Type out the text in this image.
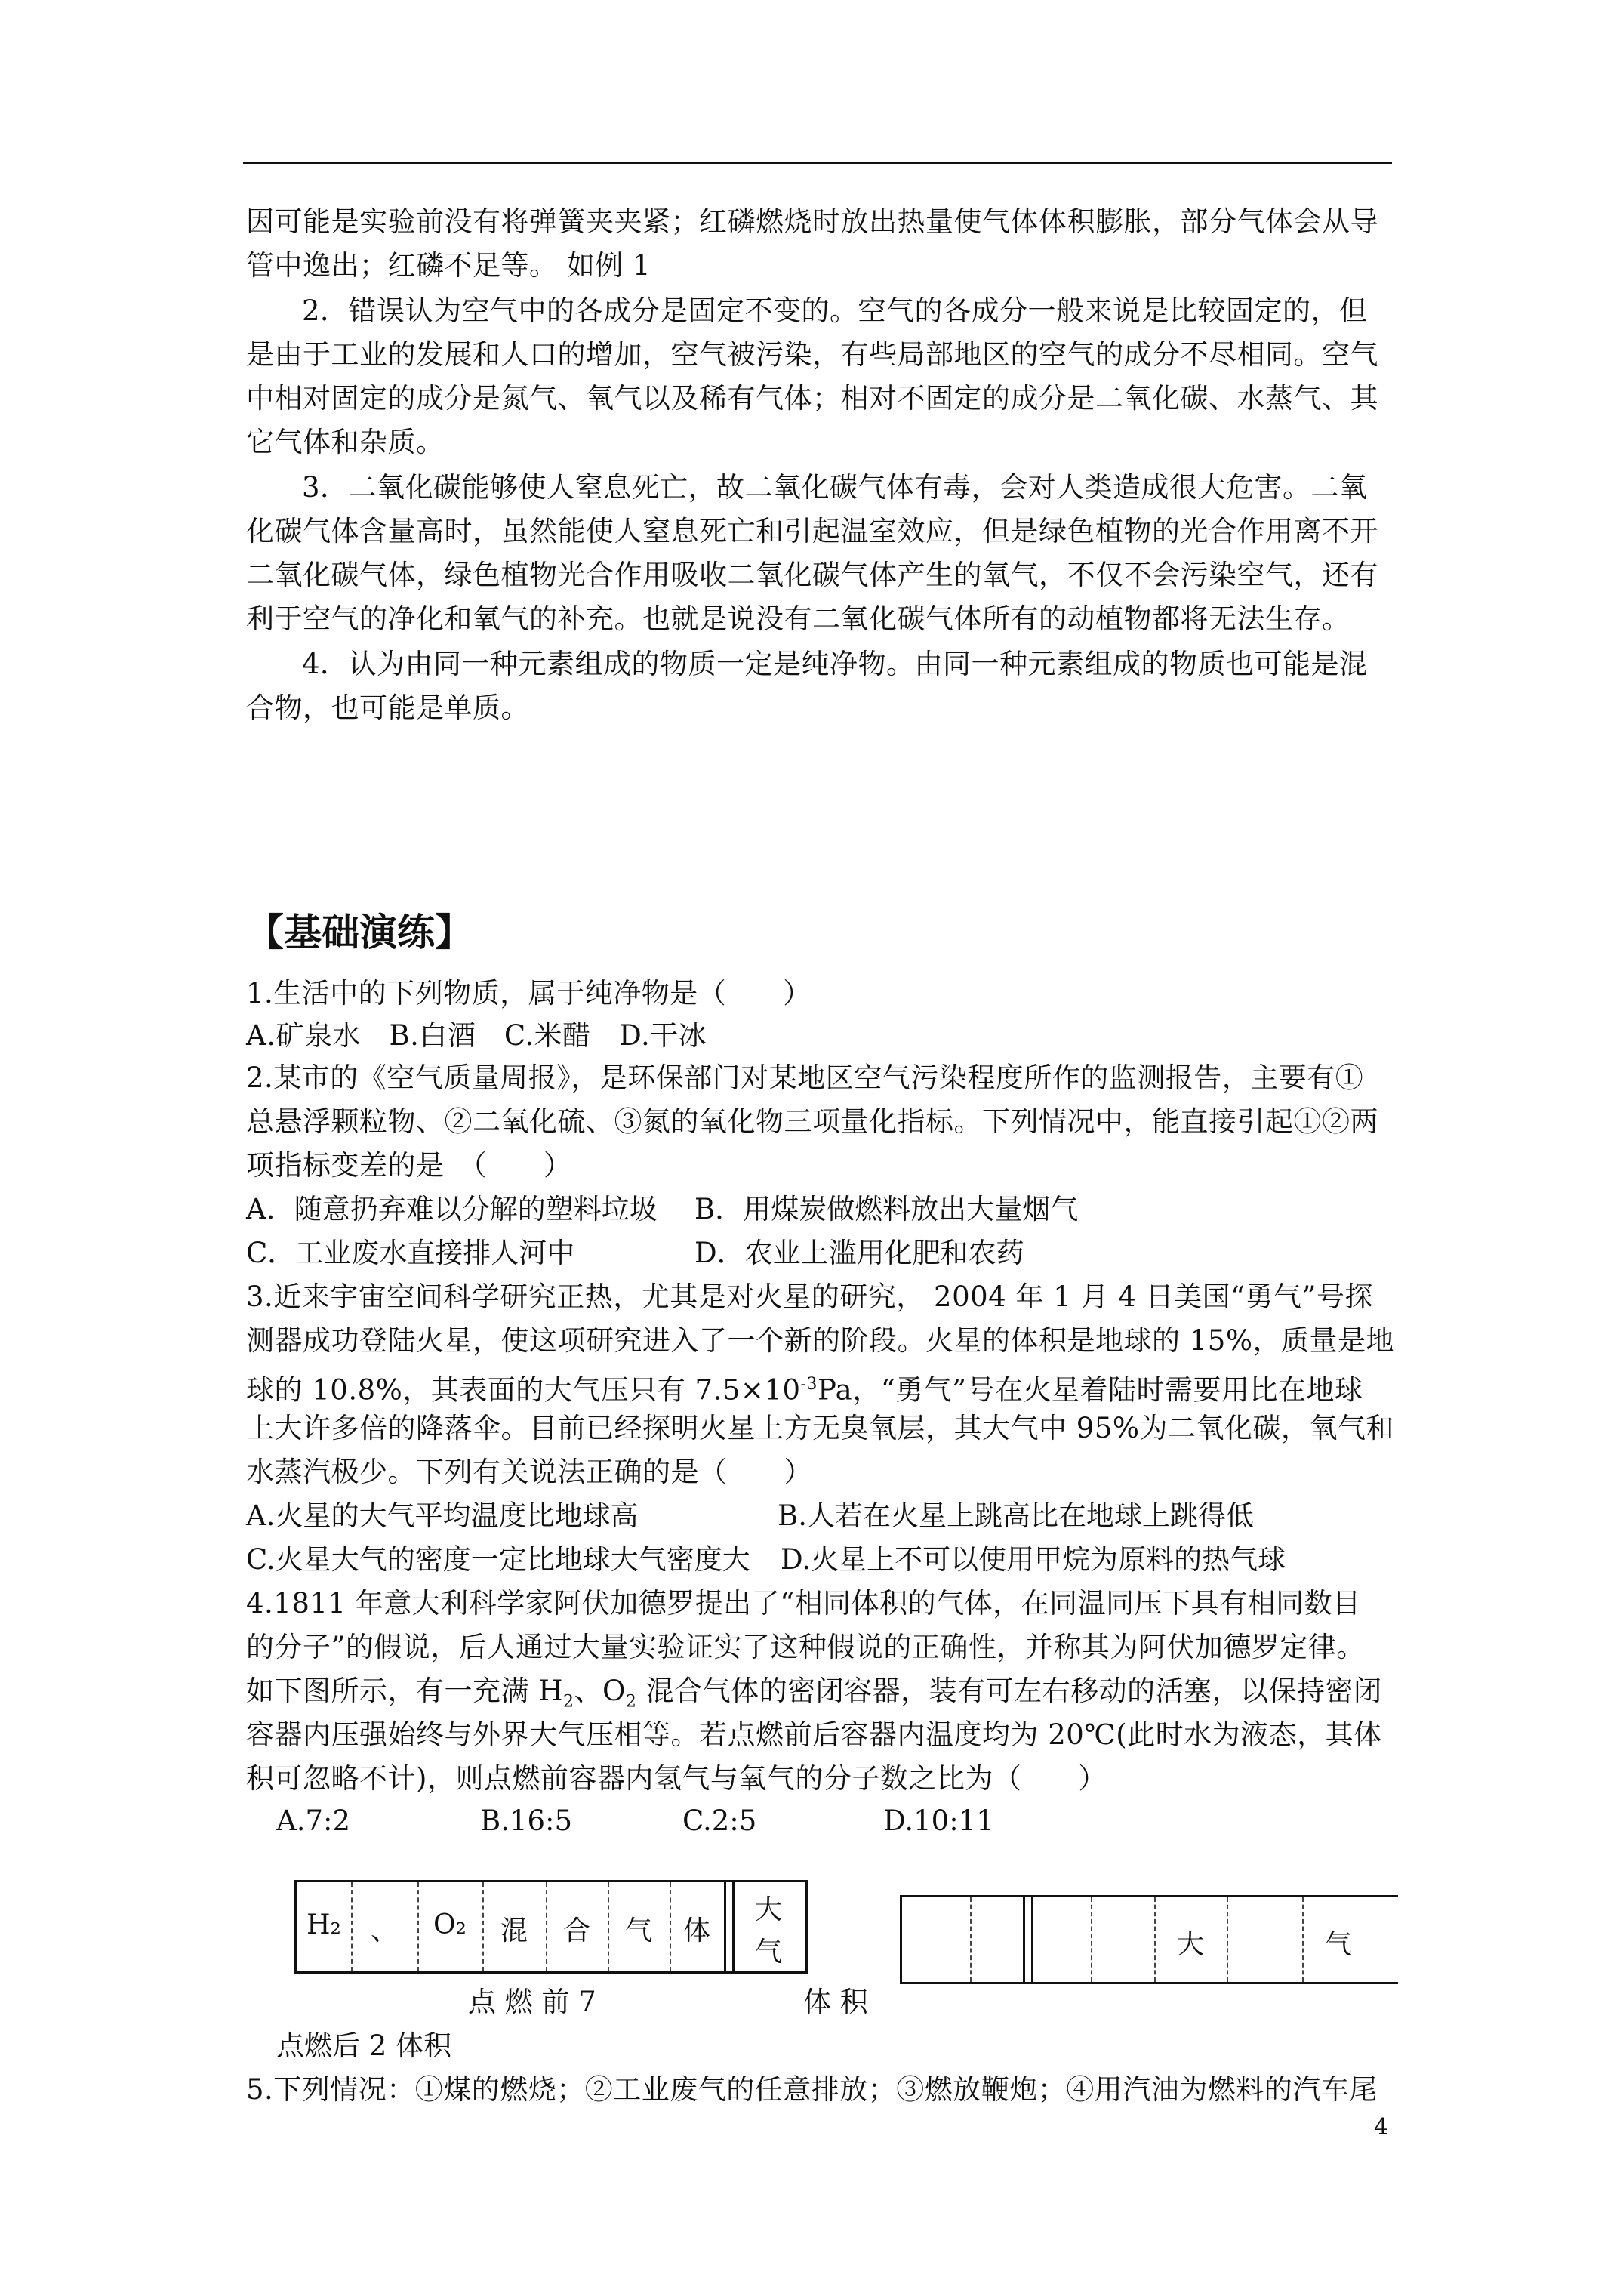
因可能是实验前没有将弹簧夹夹紧；红磷燃烧时放出热量使气体体积膨胀，部分气体会从导
管中逸出；红磷不足等。 如例 1
2．错误认为空气中的各成分是固定不变的。空气的各成分一般来说是比较固定的，但
是由于工业的发展和人口的增加，空气被污染，有些局部地区的空气的成分不尽相同。空气
中相对固定的成分是氮气、氧气以及稀有气体；相对不固定的成分是二氧化碳、水蒸气、其
它气体和杂质。
3．二氧化碳能够使人窒息死亡，故二氧化碳气体有毒，会对人类造成很大危害。二氧
化碳气体含量高时，虽然能使人窒息死亡和引起温室效应，但是绿色植物的光合作用离不开
二氧化碳气体，绿色植物光合作用吸收二氧化碳气体产生的氧气，不仅不会污染空气，还有
利于空气的净化和氧气的补充。也就是说没有二氧化碳气体所有的动植物都将无法生存。
4．认为由同一种元素组成的物质一定是纯净物。由同一种元素组成的物质也可能是混
合物，也可能是单质。
【基础演练】
1.生活中的下列物质，属于纯净物是（　　）
A.矿泉水　B.白酒　C.米醋　D.干冰
2.某市的《空气质量周报》，是环保部门对某地区空气污染程度所作的监测报告，主要有①
总悬浮颗粒物、②二氧化硫、③氮的氧化物三项量化指标。下列情况中，能直接引起①②两
项指标变差的是　（　　）
A．随意扔弃难以分解的塑料垃圾 B．用煤炭做燃料放出大量烟气
C．工业废水直接排人河中	D．农业上滥用化肥和农药
3.近来宇宙空间科学研究正热，尤其是对火星的研究， 2004 年 1 月 4 日美国“勇气”号探
测器成功登陆火星，使这项研究进入了一个新的阶段。火星的体积是地球的 15%，质量是地
球的 10.8%，其表面的大气压只有 $7.5\times 10^{-3}Pa$，“勇气”号在火星着陆时需要用比在地球
上大许多倍的降落伞。目前已经探明火星上方无臭氧层，其大气中 95%为二氧化碳，氧气和
水蒸汽极少。下列有关说法正确的是（　　）
A.火星的大气平均温度比地球高	B.人若在火星上跳高比在地球上跳得低
C.火星大气的密度一定比地球大气密度大 D.火星上不可以使用甲烷为原料的热气球
4.1811 年意大利科学家阿伏加德罗提出了“相同体积的气体，在同温同压下具有相同数目
的分子”的假说，后人通过大量实验证实了这种假说的正确性，并称其为阿伏加德罗定律。
如下图所示，有一充满 $H_2$、$O_2$ 混合气体的密闭容器，装有可左右移动的活塞，以保持密闭
容器内压强始终与外界大气压相等。若点燃前后容器内温度均为 20℃(此时水为液态，其体
积可忽略不计)，则点燃前容器内氢气与氧气的分子数之比为（　　）
A.7:2	B.16:5	C.2:5	D.10:11
H₂	、	O₂	混	合	气	体
大
气	大	气
点 燃 前 7	体 积
点燃后 2 体积
5.下列情况：①煤的燃烧；②工业废气的任意排放；③燃放鞭炮；④用汽油为燃料的汽车尾
4
